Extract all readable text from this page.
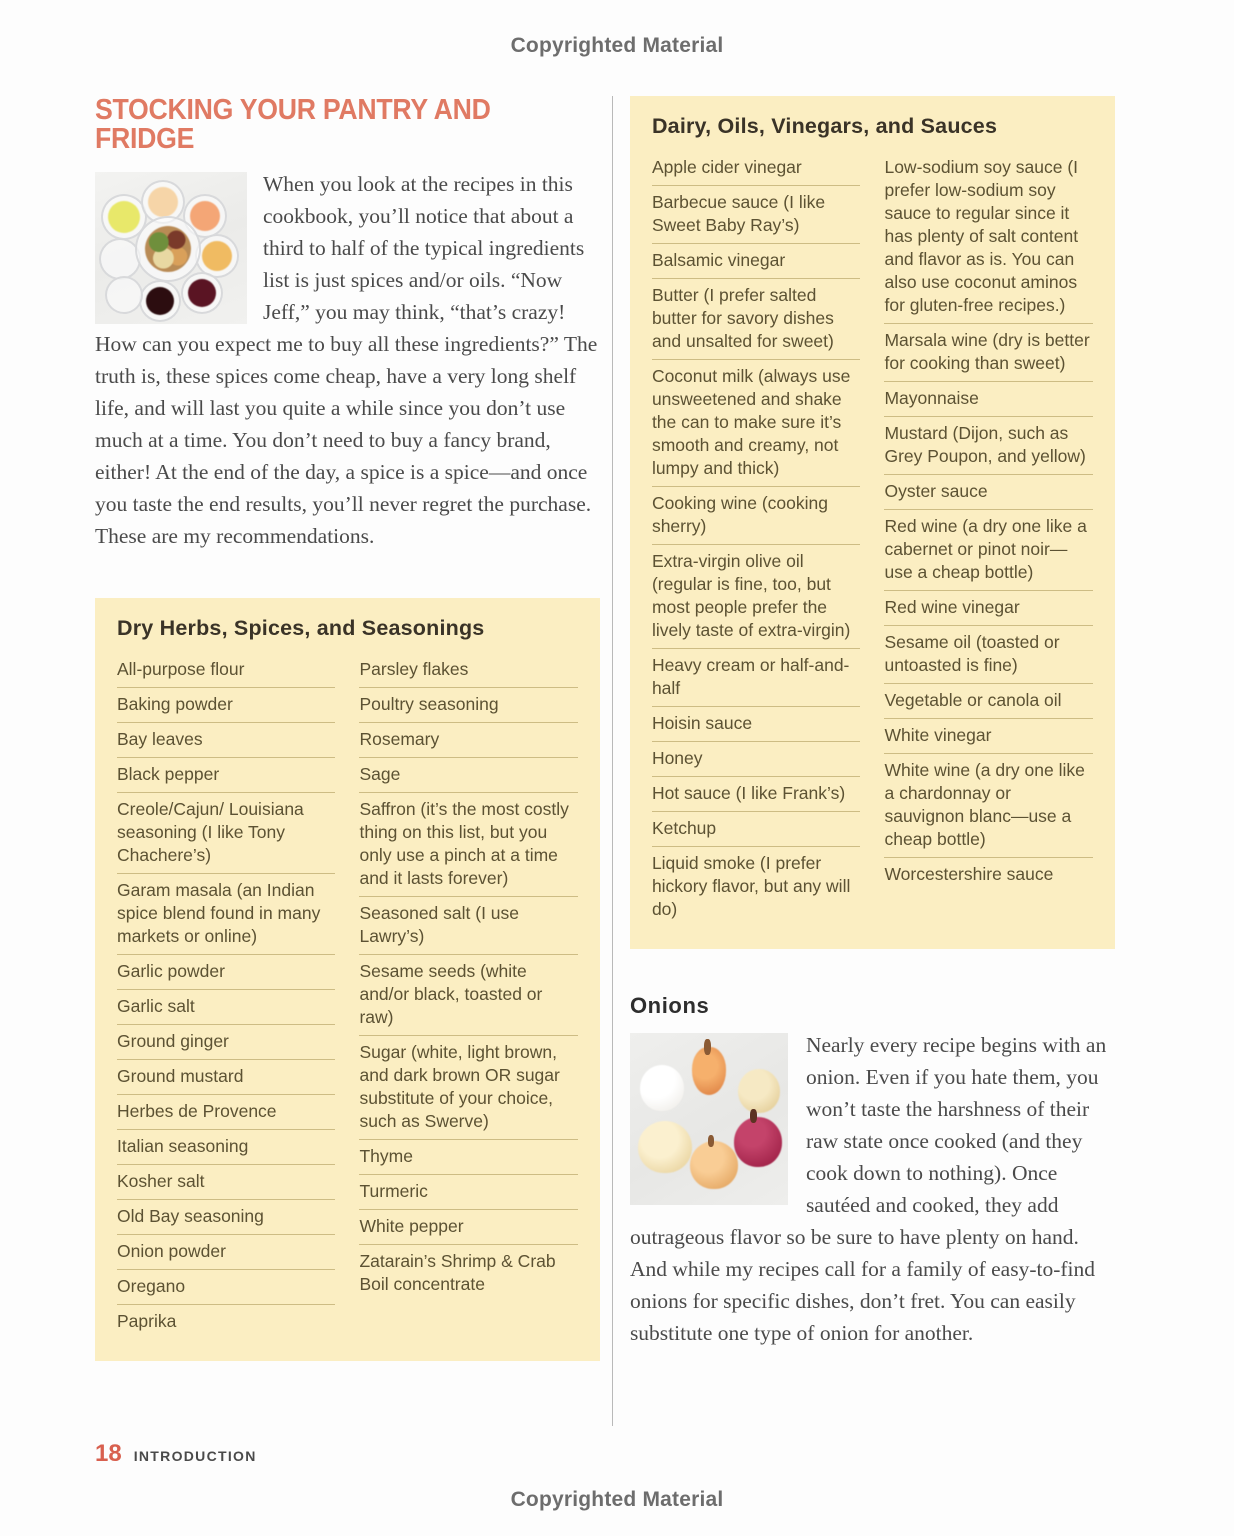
Copyrighted Material
STOCKING YOUR PANTRY AND FRIDGE
When you look at the recipes in this cookbook, you’ll notice that about a third to half of the typical ingredients list is just spices and/or oils. “Now Jeff,” you may think, “that’s crazy! How can you expect me to buy all these ingredients?” The truth is, these spices come cheap, have a very long shelf life, and will last you quite a while since you don’t use much at a time. You don’t need to buy a fancy brand, either! At the end of the day, a spice is a spice—and once you taste the end results, you’ll never regret the purchase. These are my recommendations.
Dry Herbs, Spices, and Seasonings
All-purpose flour
Baking powder
Bay leaves
Black pepper
Creole/Cajun/ Louisiana seasoning (I like Tony Chachere’s)
Garam masala (an Indian spice blend found in many markets or online)
Garlic powder
Garlic salt
Ground ginger
Ground mustard
Herbes de Provence
Italian seasoning
Kosher salt
Old Bay seasoning
Onion powder
Oregano
Paprika
Parsley flakes
Poultry seasoning
Rosemary
Sage
Saffron (it’s the most costly thing on this list, but you only use a pinch at a time and it lasts forever)
Seasoned salt (I use Lawry’s)
Sesame seeds (white and/or black, toasted or raw)
Sugar (white, light brown, and dark brown OR sugar substitute of your choice, such as Swerve)
Thyme
Turmeric
White pepper
Zatarain’s Shrimp & Crab Boil concentrate
Dairy, Oils, Vinegars, and Sauces
Apple cider vinegar
Barbecue sauce (I like Sweet Baby Ray’s)
Balsamic vinegar
Butter (I prefer salted butter for savory dishes and unsalted for sweet)
Coconut milk (always use unsweetened and shake the can to make sure it’s smooth and creamy, not lumpy and thick)
Cooking wine (cooking sherry)
Extra-virgin olive oil (regular is fine, too, but most people prefer the lively taste of extra-virgin)
Heavy cream or half-and-half
Hoisin sauce
Honey
Hot sauce (I like Frank’s)
Ketchup
Liquid smoke (I prefer hickory flavor, but any will do)
Low-sodium soy sauce (I prefer low-sodium soy sauce to regular since it has plenty of salt content and flavor as is. You can also use coconut aminos for gluten-free recipes.)
Marsala wine (dry is better for cooking than sweet)
Mayonnaise
Mustard (Dijon, such as Grey Poupon, and yellow)
Oyster sauce
Red wine (a dry one like a cabernet or pinot noir—use a cheap bottle)
Red wine vinegar
Sesame oil (toasted or untoasted is fine)
Vegetable or canola oil
White vinegar
White wine (a dry one like a chardonnay or sauvignon blanc—use a cheap bottle)
Worcestershire sauce
Onions
Nearly every recipe begins with an onion. Even if you hate them, you won’t taste the harshness of their raw state once cooked (and they cook down to nothing). Once sautéed and cooked, they add outrageous flavor so be sure to have plenty on hand. And while my recipes call for a family of easy-to-find onions for specific dishes, don’t fret. You can easily substitute one type of onion for another.
18 INTRODUCTION
Copyrighted Material
